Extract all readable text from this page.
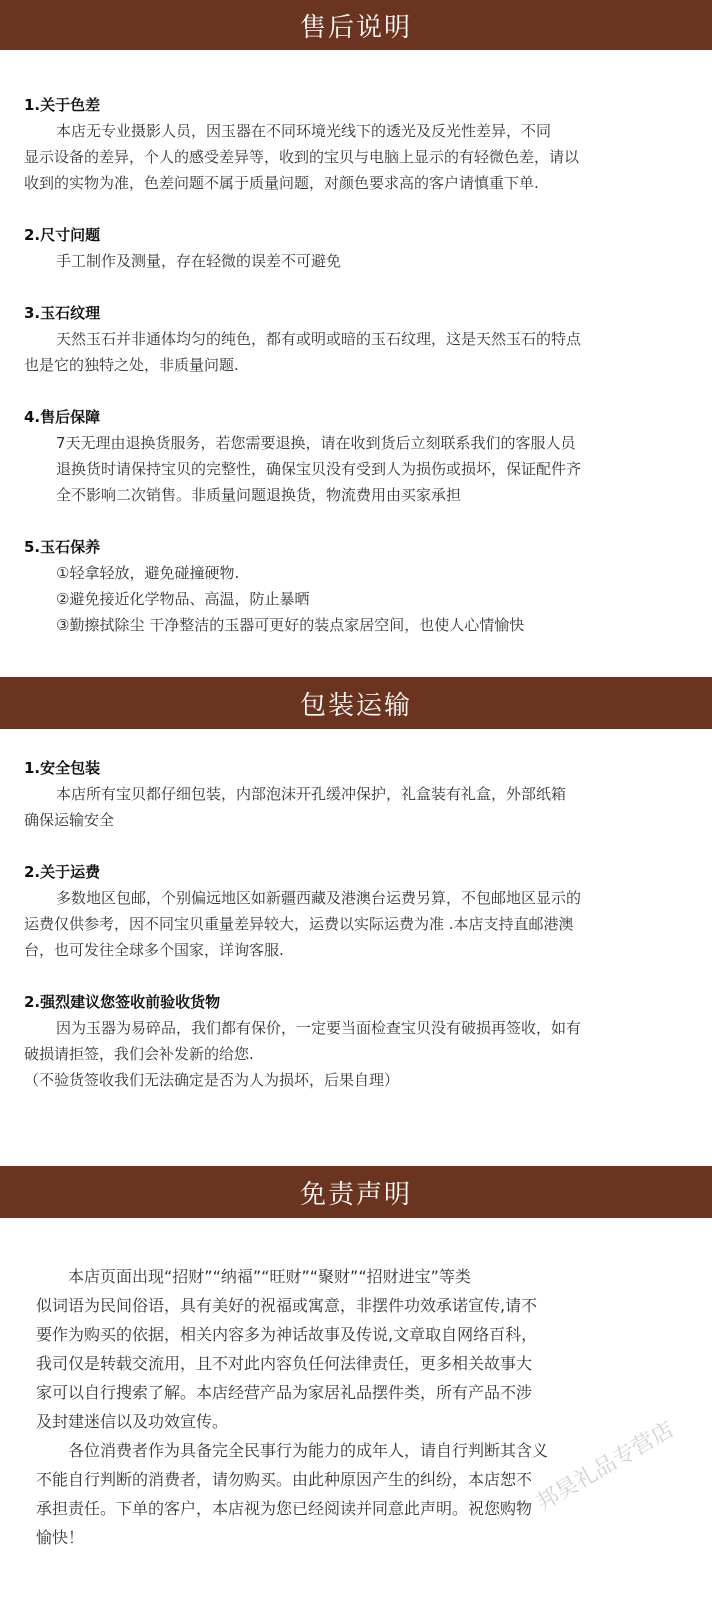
售后说明
1.关于色差
本店无专业摄影人员，因玉器在不同环境光线下的透光及反光性差异，不同
显示设备的差异，个人的感受差异等，收到的宝贝与电脑上显示的有轻微色差，请以
收到的实物为准，色差问题不属于质量问题，对颜色要求高的客户请慎重下单.
2.尺寸问题
手工制作及测量，存在轻微的误差不可避免
3.玉石纹理
天然玉石并非通体均匀的纯色，都有或明或暗的玉石纹理，这是天然玉石的特点
也是它的独特之处，非质量问题.
4.售后保障
7天无理由退换货服务，若您需要退换，请在收到货后立刻联系我们的客服人员
退换货时请保持宝贝的完整性，确保宝贝没有受到人为损伤或损坏，保证配件齐
全不影响二次销售。非质量问题退换货，物流费用由买家承担
5.玉石保养
①轻拿轻放，避免碰撞硬物.
②避免接近化学物品、高温，防止暴晒
③勤擦拭除尘 干净整洁的玉器可更好的装点家居空间，也使人心情愉快
包装运输
1.安全包装
本店所有宝贝都仔细包装，内部泡沫开孔缓冲保护，礼盒装有礼盒，外部纸箱
确保运输安全
2.关于运费
多数地区包邮，个别偏远地区如新疆西藏及港澳台运费另算，不包邮地区显示的
运费仅供参考，因不同宝贝重量差异较大，运费以实际运费为准 .本店支持直邮港澳
台，也可发往全球多个国家，详询客服.
2.强烈建议您签收前验收货物
因为玉器为易碎品，我们都有保价，一定要当面检查宝贝没有破损再签收，如有
破损请拒签，我们会补发新的给您.
（不验货签收我们无法确定是否为人为损坏，后果自理）
免责声明
本店页面出现“招财”“纳福”“旺财”“聚财”“招财进宝”等类
似词语为民间俗语，具有美好的祝福或寓意，非摆件功效承诺宣传,请不
要作为购买的依据，相关内容多为神话故事及传说,文章取自网络百科，
我司仅是转载交流用，且不对此内容负任何法律责任，更多相关故事大
家可以自行搜索了解。本店经营产品为家居礼品摆件类，所有产品不涉
及封建迷信以及功效宣传。
各位消费者作为具备完全民事行为能力的成年人，请自行判断其含义
不能自行判断的消费者，请勿购买。由此种原因产生的纠纷，本店恕不
承担责任。下单的客户，本店视为您已经阅读并同意此声明。祝您购物
愉快！
邦昊礼品专营店
